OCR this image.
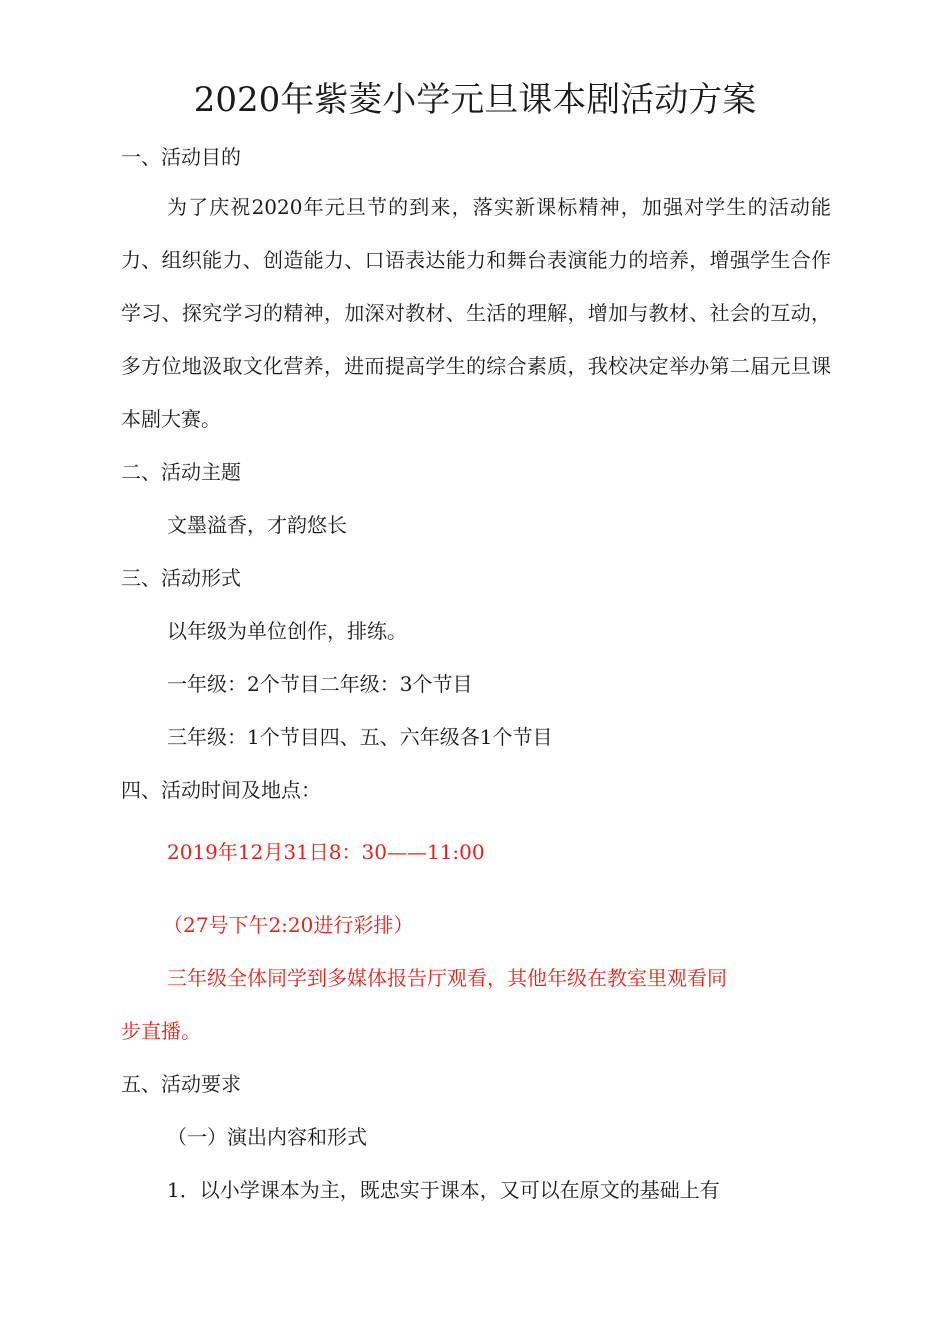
2020年紫菱小学元旦课本剧活动方案
一、活动目的
为了庆祝2020年元旦节的到来，落实新课标精神，加强对学生的活动能力、组织能力、创造能力、口语表达能力和舞台表演能力的培养，增强学生合作学习、探究学习的精神，加深对教材、生活的理解，增加与教材、社会的互动，多方位地汲取文化营养，进而提高学生的综合素质，我校决定举办第二届元旦课本剧大赛。
二、活动主题
文墨溢香，才韵悠长
三、活动形式
以年级为单位创作，排练。
一年级：2个节目二年级：3个节目
三年级：1个节目四、五、六年级各1个节目
四、活动时间及地点：
2019年12月31日8：30——11:00
（27号下午2:20进行彩排）
三年级全体同学到多媒体报告厅观看，其他年级在教室里观看同
步直播。
五、活动要求
（一）演出内容和形式
1．以小学课本为主，既忠实于课本，又可以在原文的基础上有
